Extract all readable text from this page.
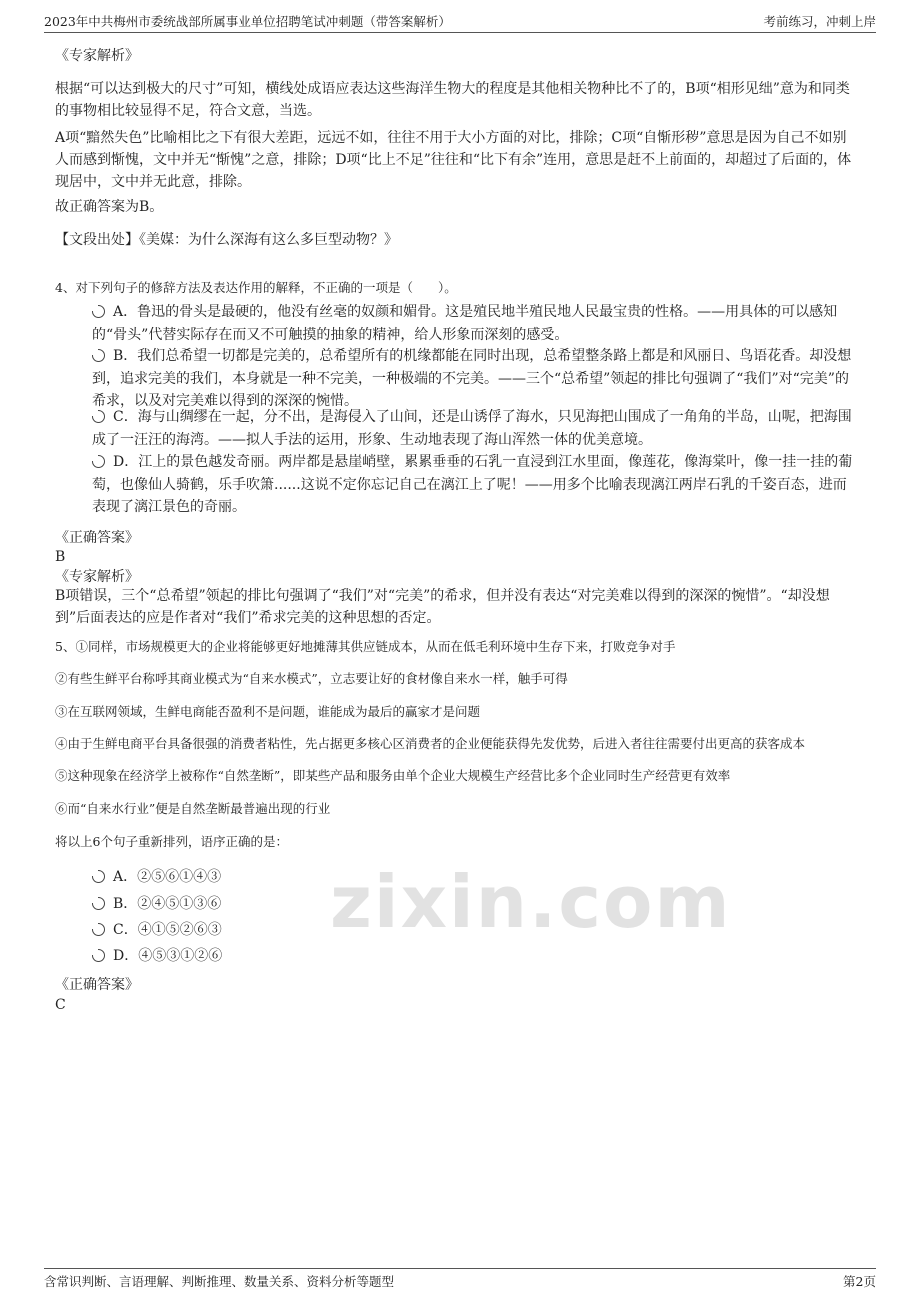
2023年中共梅州市委统战部所属事业单位招聘笔试冲刺题（带答案解析）	考前练习，冲刺上岸
zixin.com
《专家解析》
根据“可以达到极大的尺寸”可知，横线处成语应表达这些海洋生物大的程度是其他相关物种比不了的，B项“相形见绌”意为和同类的事物相比较显得不足，符合文意，当选。
A项“黯然失色”比喻相比之下有很大差距，远远不如，往往不用于大小方面的对比，排除；C项“自惭形秽”意思是因为自己不如别人而感到惭愧，文中并无“惭愧”之意，排除；D项“比上不足”往往和“比下有余”连用，意思是赶不上前面的，却超过了后面的，体现居中，文中并无此意，排除。
故正确答案为B。
【文段出处】《美媒：为什么深海有这么多巨型动物？》
4、对下列句子的修辞方法及表达作用的解释，不正确的一项是（　　）。
A．鲁迅的骨头是最硬的，他没有丝毫的奴颜和媚骨。这是殖民地半殖民地人民最宝贵的性格。——用具体的可以感知的“骨头”代替实际存在而又不可触摸的抽象的精神，给人形象而深刻的感受。
B．我们总希望一切都是完美的，总希望所有的机缘都能在同时出现，总希望整条路上都是和风丽日、鸟语花香。却没想到，追求完美的我们，本身就是一种不完美，一种极端的不完美。——三个“总希望”领起的排比句强调了“我们”对“完美”的希求，以及对完美难以得到的深深的惋惜。
C．海与山绸缪在一起，分不出，是海侵入了山间，还是山诱俘了海水，只见海把山围成了一角角的半岛，山呢，把海围成了一汪汪的海湾。——拟人手法的运用，形象、生动地表现了海山浑然一体的优美意境。
D．江上的景色越发奇丽。两岸都是悬崖峭壁，累累垂垂的石乳一直浸到江水里面，像莲花，像海棠叶，像一挂一挂的葡萄，也像仙人骑鹤，乐手吹箫......这说不定你忘记自己在漓江上了呢！——用多个比喻表现漓江两岸石乳的千姿百态，进而表现了漓江景色的奇丽。
《正确答案》
B
《专家解析》
B项错误，三个“总希望”领起的排比句强调了“我们”对“完美”的希求，但并没有表达“对完美难以得到的深深的惋惜”。“却没想到”后面表达的应是作者对“我们”希求完美的这种思想的否定。
5、①同样，市场规模更大的企业将能够更好地摊薄其供应链成本，从而在低毛利环境中生存下来，打败竞争对手
②有些生鲜平台称呼其商业模式为“自来水模式”，立志要让好的食材像自来水一样，触手可得
③在互联网领域，生鲜电商能否盈利不是问题，谁能成为最后的赢家才是问题
④由于生鲜电商平台具备很强的消费者粘性，先占据更多核心区消费者的企业便能获得先发优势，后进入者往往需要付出更高的获客成本
⑤这种现象在经济学上被称作“自然垄断”，即某些产品和服务由单个企业大规模生产经营比多个企业同时生产经营更有效率
⑥而“自来水行业”便是自然垄断最普遍出现的行业
将以上6个句子重新排列，语序正确的是：
A．②⑤⑥①④③
B．②④⑤①③⑥
C．④①⑤②⑥③
D．④⑤③①②⑥
《正确答案》
C
含常识判断、言语理解、判断推理、数量关系、资料分析等题型	第2页
